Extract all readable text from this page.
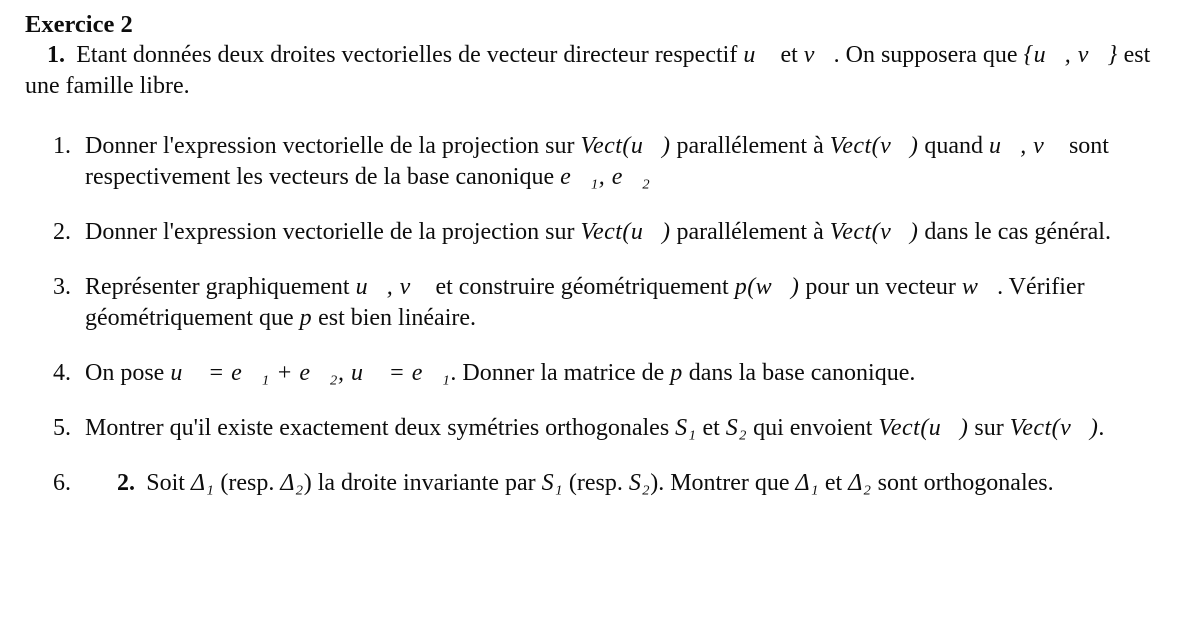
Exercice 2

1. Etant données deux droites vectorielles de vecteur directeur respectif u⃗ et v⃗. On supposera que {u⃗, v⃗} est une famille libre.

1. Donner l'expression vectorielle de la projection sur Vect(u⃗) parallélement à Vect(v⃗) quand u⃗, v⃗ sont respectivement les vecteurs de la base canonique e⃗₁, e⃗₂
2. Donner l'expression vectorielle de la projection sur Vect(u⃗) parallélement à Vect(v⃗) dans le cas général.
3. Représenter graphiquement u⃗, v⃗ et construire géométriquement p(w⃗) pour un vecteur w⃗. Vérifier géométriquement que p est bien linéaire.
4. On pose u⃗ = e⃗₁ + e⃗₂, u⃗ = e⃗₁. Donner la matrice de p dans la base canonique.
5. Montrer qu'il existe exactement deux symétries orthogonales S₁ et S₂ qui envoient Vect(u⃗) sur Vect(v⃗).
6.	2. Soit Δ₁ (resp. Δ₂) la droite invariante par S₁ (resp. S₂). Montrer que Δ₁ et Δ₂ sont orthogonales.
